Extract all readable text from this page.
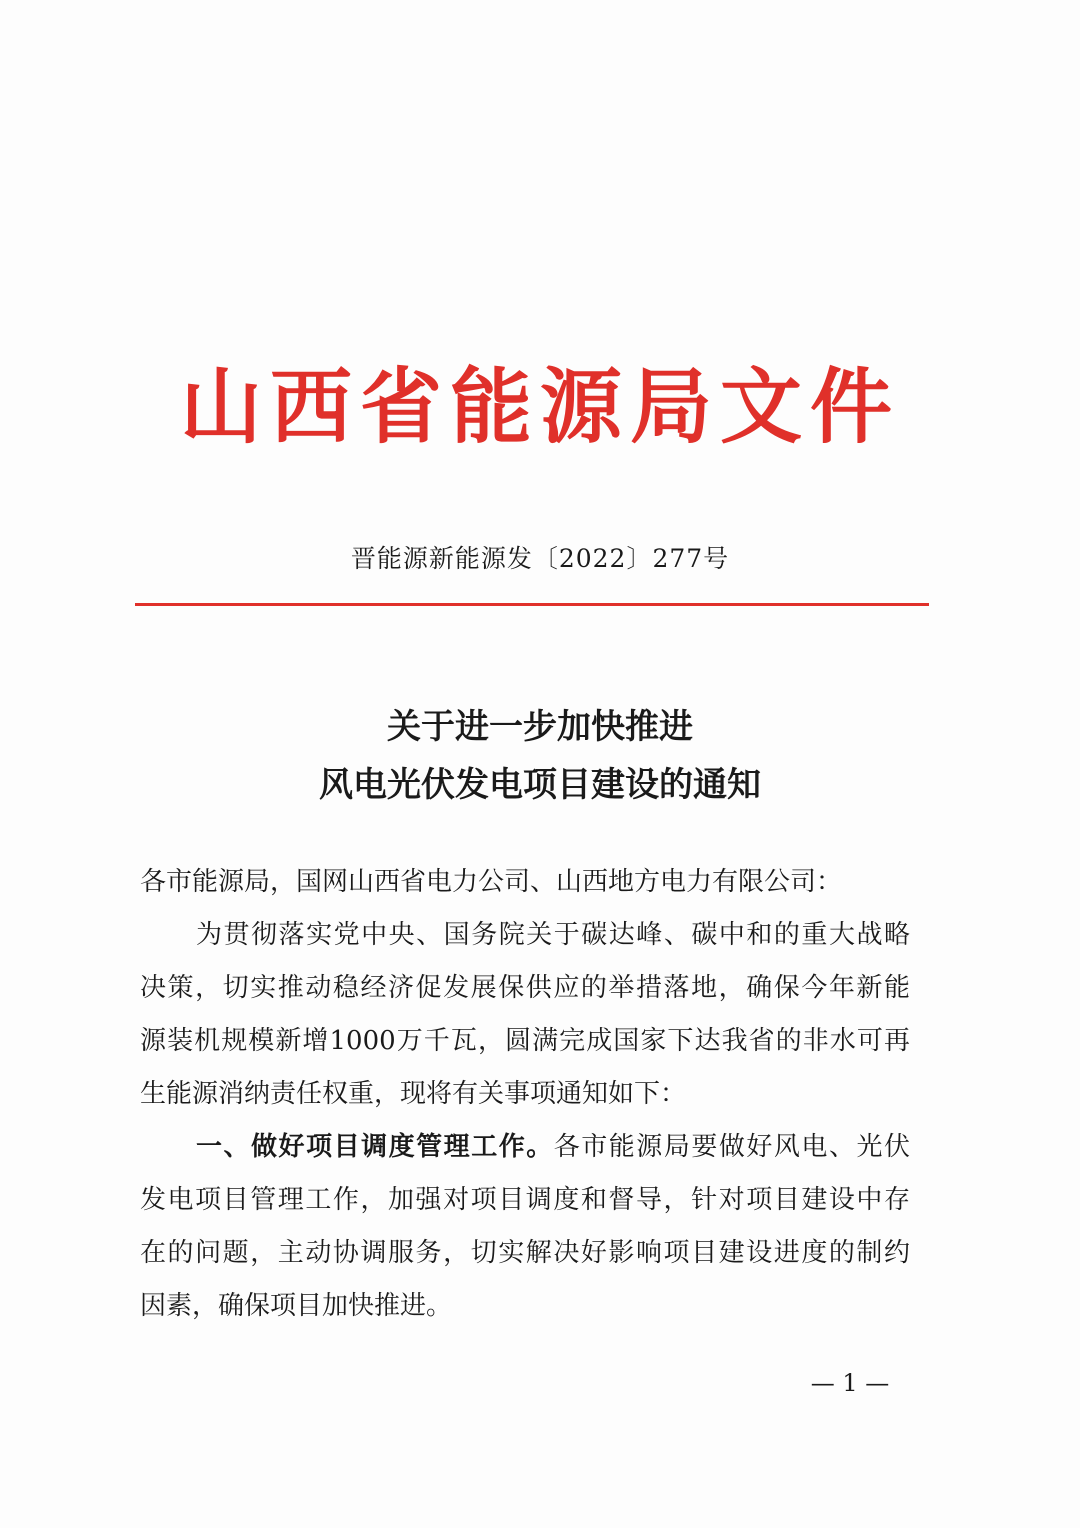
山西省能源局文件
晋能源新能源发〔2022〕277号
关于进一步加快推进
风电光伏发电项目建设的通知
各市能源局，国网山西省电力公司、山西地方电力有限公司：
为贯彻落实党中央、国务院关于碳达峰、碳中和的重大战略
决策，切实推动稳经济促发展保供应的举措落地，确保今年新能
源装机规模新增1000万千瓦，圆满完成国家下达我省的非水可再
生能源消纳责任权重，现将有关事项通知如下：
一、做好项目调度管理工作。各市能源局要做好风电、光伏
发电项目管理工作，加强对项目调度和督导，针对项目建设中存
在的问题，主动协调服务，切实解决好影响项目建设进度的制约
因素，确保项目加快推进。
— 1 —
